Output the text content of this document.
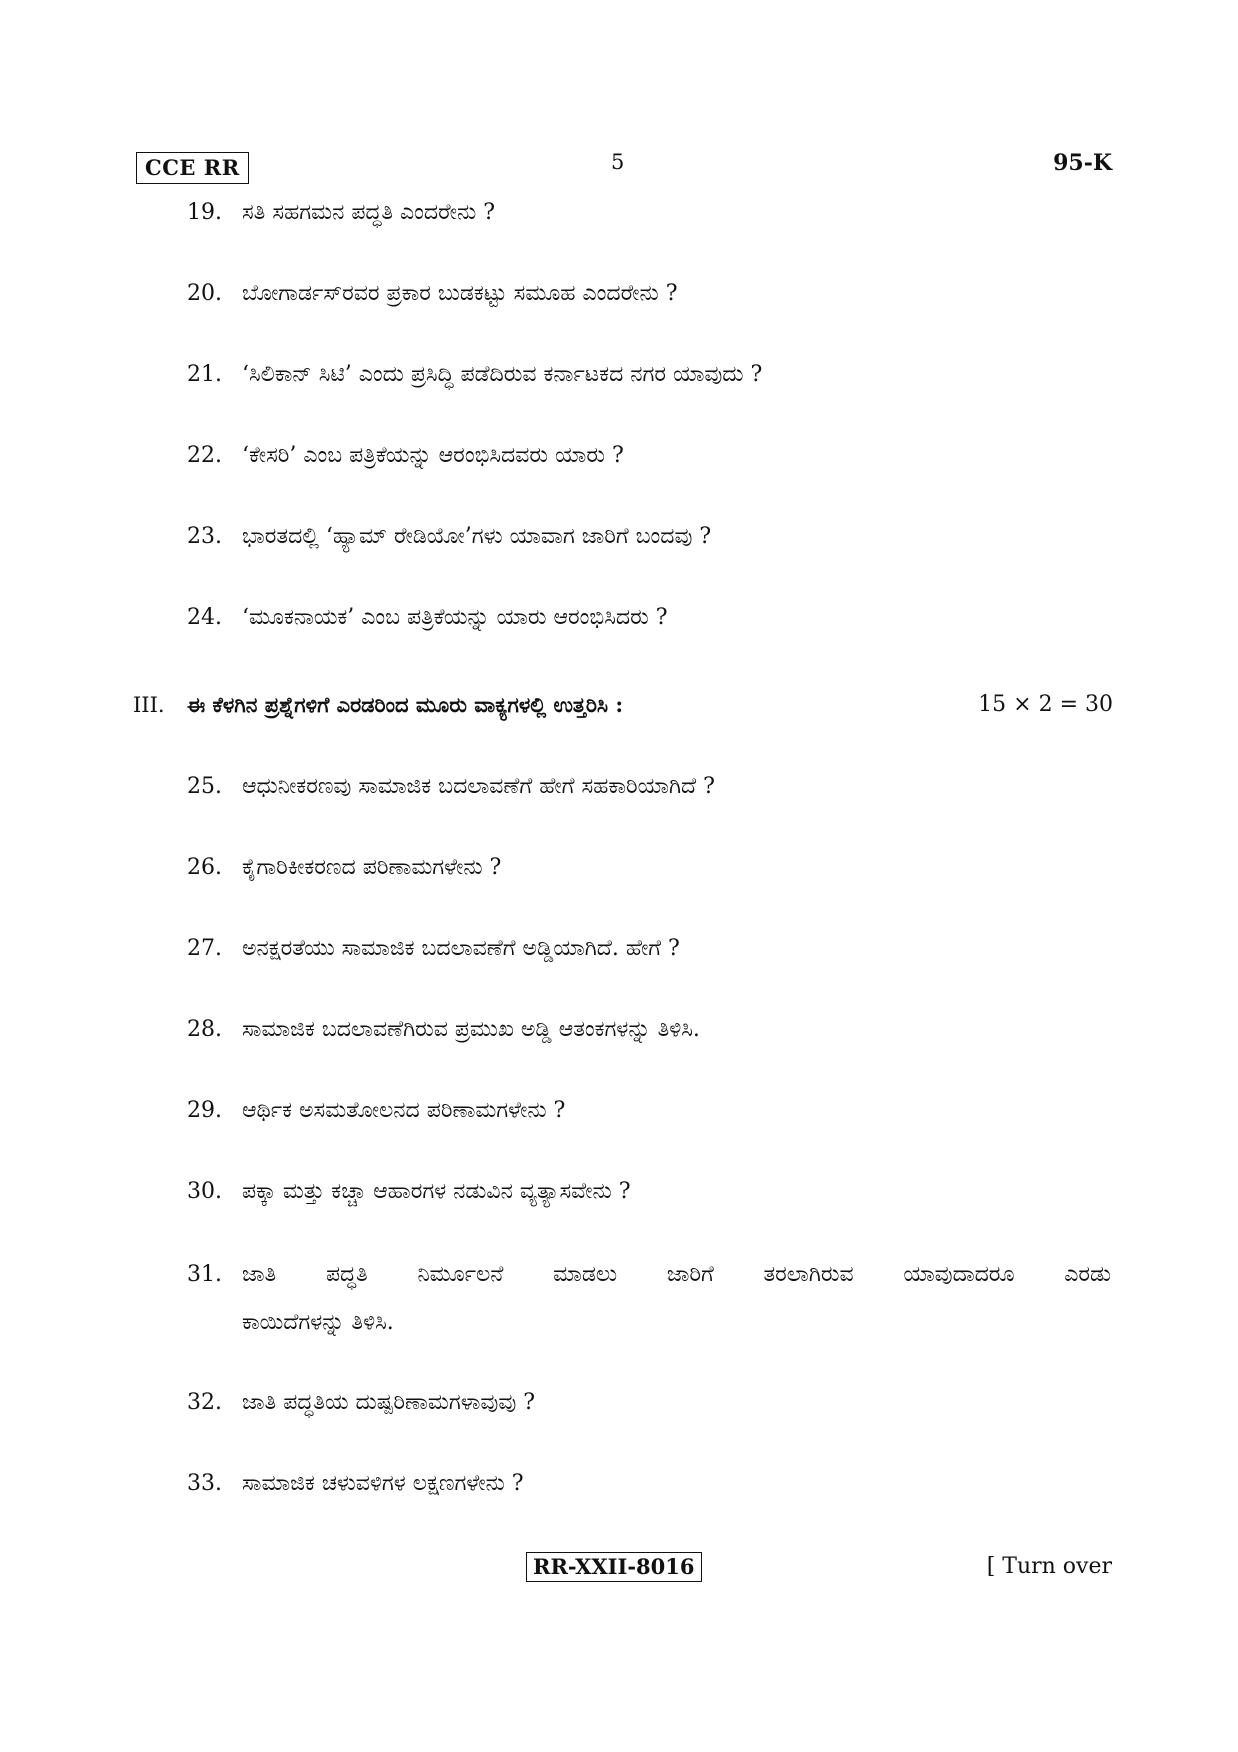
CCE RR	5	95-K
19. ಸತಿ ಸಹಗಮನ ಪದ್ಧತಿ ಎಂದರೇನು ?
20. ಬೋಗಾರ್ಡಸ್‌ರವರ ಪ್ರಕಾರ ಬುಡಕಟ್ಟು ಸಮೂಹ ಎಂದರೇನು ?
21. ‘ಸಿಲಿಕಾನ್ ಸಿಟಿ’ ಎಂದು ಪ್ರಸಿದ್ಧಿ ಪಡೆದಿರುವ ಕರ್ನಾಟಕದ ನಗರ ಯಾವುದು ?
22. ‘ಕೇಸರಿ’ ಎಂಬ ಪತ್ರಿಕೆಯನ್ನು ಆರಂಭಿಸಿದವರು ಯಾರು ?
23. ಭಾರತದಲ್ಲಿ ‘ಹ್ಯಾಮ್ ರೇಡಿಯೋ’ಗಳು ಯಾವಾಗ ಜಾರಿಗೆ ಬಂದವು ?
24. ‘ಮೂಕನಾಯಕ’ ಎಂಬ ಪತ್ರಿಕೆಯನ್ನು ಯಾರು ಆರಂಭಿಸಿದರು ?
III. ಈ ಕೆಳಗಿನ ಪ್ರಶ್ನೆಗಳಿಗೆ ಎರಡರಿಂದ ಮೂರು ವಾಕ್ಯಗಳಲ್ಲಿ ಉತ್ತರಿಸಿ :	15 × 2 = 30
25. ಆಧುನೀಕರಣವು ಸಾಮಾಜಿಕ ಬದಲಾವಣೆಗೆ ಹೇಗೆ ಸಹಕಾರಿಯಾಗಿದೆ ?
26. ಕೈಗಾರಿಕೀಕರಣದ ಪರಿಣಾಮಗಳೇನು ?
27. ಅನಕ್ಷರತೆಯು ಸಾಮಾಜಿಕ ಬದಲಾವಣೆಗೆ ಅಡ್ಡಿಯಾಗಿದೆ. ಹೇಗೆ ?
28. ಸಾಮಾಜಿಕ ಬದಲಾವಣೆಗಿರುವ ಪ್ರಮುಖ ಅಡ್ಡಿ ಆತಂಕಗಳನ್ನು ತಿಳಿಸಿ.
29. ಆರ್ಥಿಕ ಅಸಮತೋಲನದ ಪರಿಣಾಮಗಳೇನು ?
30. ಪಕ್ಕಾ ಮತ್ತು ಕಚ್ಚಾ ಆಹಾರಗಳ ನಡುವಿನ ವ್ಯತ್ಯಾಸವೇನು ?
31. ಜಾತಿ ಪದ್ಧತಿ ನಿರ್ಮೂಲನೆ ಮಾಡಲು ಜಾರಿಗೆ ತರಲಾಗಿರುವ ಯಾವುದಾದರೂ ಎರಡು
ಕಾಯಿದೆಗಳನ್ನು ತಿಳಿಸಿ.
32. ಜಾತಿ ಪದ್ಧತಿಯ ದುಷ್ಪರಿಣಾಮಗಳಾವುವು ?
33. ಸಾಮಾಜಿಕ ಚಳುವಳಿಗಳ ಲಕ್ಷಣಗಳೇನು ?
RR-XXII-8016	[ Turn over
